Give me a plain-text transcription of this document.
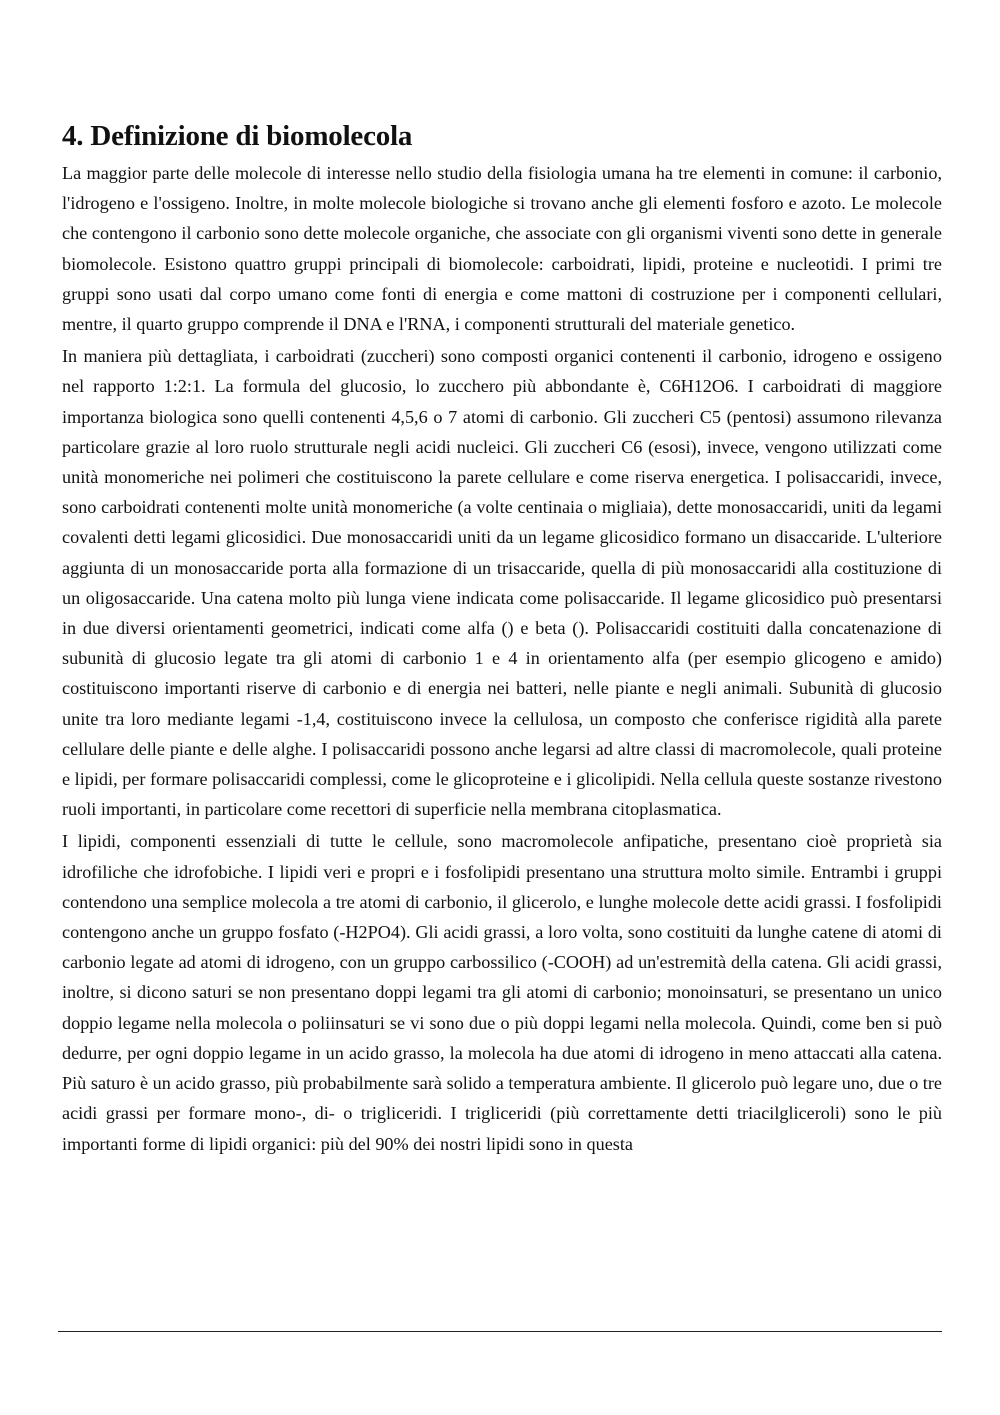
4. Definizione di biomolecola

La maggior parte delle molecole di interesse nello studio della fisiologia umana ha tre elementi in comune: il carbonio, l'idrogeno e l'ossigeno. Inoltre, in molte molecole biologiche si trovano anche gli elementi fosforo e azoto. Le molecole che contengono il carbonio sono dette molecole organiche, che associate con gli organismi viventi sono dette in generale biomolecole. Esistono quattro gruppi principali di biomolecole: carboidrati, lipidi, proteine e nucleotidi. I primi tre gruppi sono usati dal corpo umano come fonti di energia e come mattoni di costruzione per i componenti cellulari, mentre, il quarto gruppo comprende il DNA e l'RNA, i componenti strutturali del materiale genetico.

In maniera più dettagliata, i carboidrati (zuccheri) sono composti organici contenenti il carbonio, idrogeno e ossigeno nel rapporto 1:2:1. La formula del glucosio, lo zucchero più abbondante è, C6H12O6. I carboidrati di maggiore importanza biologica sono quelli contenenti 4,5,6 o 7 atomi di carbonio. Gli zuccheri C5 (pentosi) assumono rilevanza particolare grazie al loro ruolo strutturale negli acidi nucleici. Gli zuccheri C6 (esosi), invece, vengono utilizzati come unità monomeriche nei polimeri che costituiscono la parete cellulare e come riserva energetica. I polisaccaridi, invece, sono carboidrati contenenti molte unità monomeriche (a volte centinaia o migliaia), dette monosaccaridi, uniti da legami covalenti detti legami glicosidici. Due monosaccaridi uniti da un legame glicosidico formano un disaccaride. L'ulteriore aggiunta di un monosaccaride porta alla formazione di un trisaccaride, quella di più monosaccaridi alla costituzione di un oligosaccaride. Una catena molto più lunga viene indicata come polisaccaride. Il legame glicosidico può presentarsi in due diversi orientamenti geometrici, indicati come alfa () e beta (). Polisaccaridi costituiti dalla concatenazione di subunità di glucosio legate tra gli atomi di carbonio 1 e 4 in orientamento alfa (per esempio glicogeno e amido) costituiscono importanti riserve di carbonio e di energia nei batteri, nelle piante e negli animali. Subunità di glucosio unite tra loro mediante legami -1,4, costituiscono invece la cellulosa, un composto che conferisce rigidità alla parete cellulare delle piante e delle alghe. I polisaccaridi possono anche legarsi ad altre classi di macromolecole, quali proteine e lipidi, per formare polisaccaridi complessi, come le glicoproteine e i glicolipidi. Nella cellula queste sostanze rivestono ruoli importanti, in particolare come recettori di superficie nella membrana citoplasmatica.

I lipidi, componenti essenziali di tutte le cellule, sono macromolecole anfipatiche, presentano cioè proprietà sia idrofiliche che idrofobiche. I lipidi veri e propri e i fosfolipidi presentano una struttura molto simile. Entrambi i gruppi contendono una semplice molecola a tre atomi di carbonio, il glicerolo, e lunghe molecole dette acidi grassi. I fosfolipidi contengono anche un gruppo fosfato (-H2PO4). Gli acidi grassi, a loro volta, sono costituiti da lunghe catene di atomi di carbonio legate ad atomi di idrogeno, con un gruppo carbossilico (-COOH) ad un'estremità della catena. Gli acidi grassi, inoltre, si dicono saturi se non presentano doppi legami tra gli atomi di carbonio; monoinsaturi, se presentano un unico doppio legame nella molecola o poliinsaturi se vi sono due o più doppi legami nella molecola. Quindi, come ben si può dedurre, per ogni doppio legame in un acido grasso, la molecola ha due atomi di idrogeno in meno attaccati alla catena. Più saturo è un acido grasso, più probabilmente sarà solido a temperatura ambiente. Il glicerolo può legare uno, due o tre acidi grassi per formare mono-, di- o trigliceridi. I trigliceridi (più correttamente detti triacilgliceroli) sono le più importanti forme di lipidi organici: più del 90% dei nostri lipidi sono in questa
